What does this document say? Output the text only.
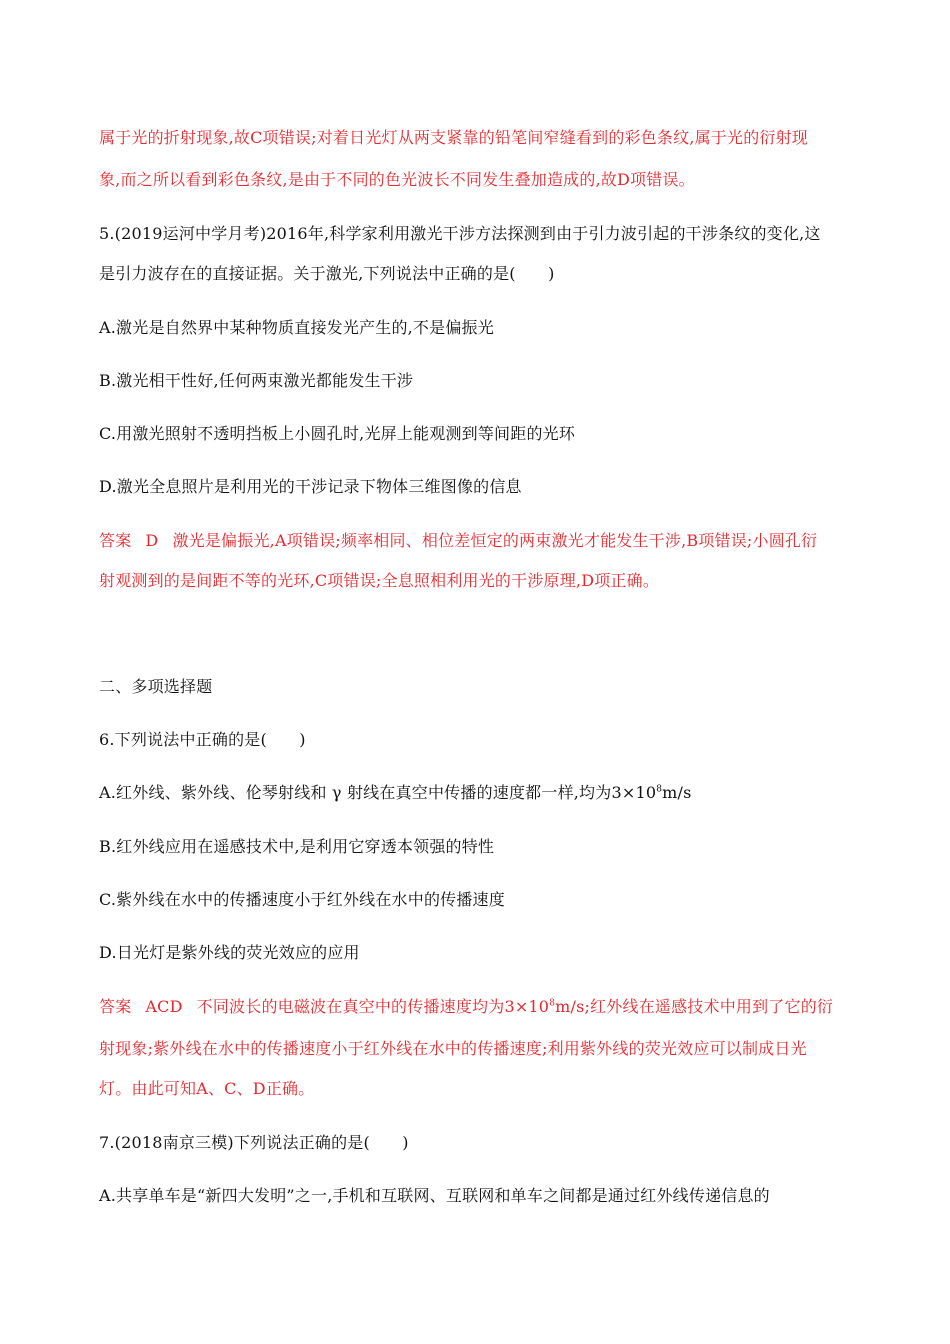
属于光的折射现象,故C项错误;对着日光灯从两支紧靠的铅笔间窄缝看到的彩色条纹,属于光的衍射现
象,而之所以看到彩色条纹,是由于不同的色光波长不同发生叠加造成的,故D项错误。
5.(2019运河中学月考)2016年,科学家利用激光干涉方法探测到由于引力波引起的干涉条纹的变化,这
是引力波存在的直接证据。关于激光,下列说法中正确的是(　　)
A.激光是自然界中某种物质直接发光产生的,不是偏振光
B.激光相干性好,任何两束激光都能发生干涉
C.用激光照射不透明挡板上小圆孔时,光屏上能观测到等间距的光环
D.激光全息照片是利用光的干涉记录下物体三维图像的信息
答案 D 激光是偏振光,A项错误;频率相同、相位差恒定的两束激光才能发生干涉,B项错误;小圆孔衍
射观测到的是间距不等的光环,C项错误;全息照相利用光的干涉原理,D项正确。
二、多项选择题
6.下列说法中正确的是(　　)
A.红外线、紫外线、伦琴射线和 γ 射线在真空中传播的速度都一样,均为$3\times 10^8m/s$
B.红外线应用在遥感技术中,是利用它穿透本领强的特性
C.紫外线在水中的传播速度小于红外线在水中的传播速度
D.日光灯是紫外线的荧光效应的应用
答案 ACD 不同波长的电磁波在真空中的传播速度均为$3\times 10^8m/s$;红外线在遥感技术中用到了它的衍
射现象;紫外线在水中的传播速度小于红外线在水中的传播速度;利用紫外线的荧光效应可以制成日光
灯。由此可知A、C、D正确。
7.(2018南京三模)下列说法正确的是(　　)
A.共享单车是“新四大发明”之一,手机和互联网、互联网和单车之间都是通过红外线传递信息的
